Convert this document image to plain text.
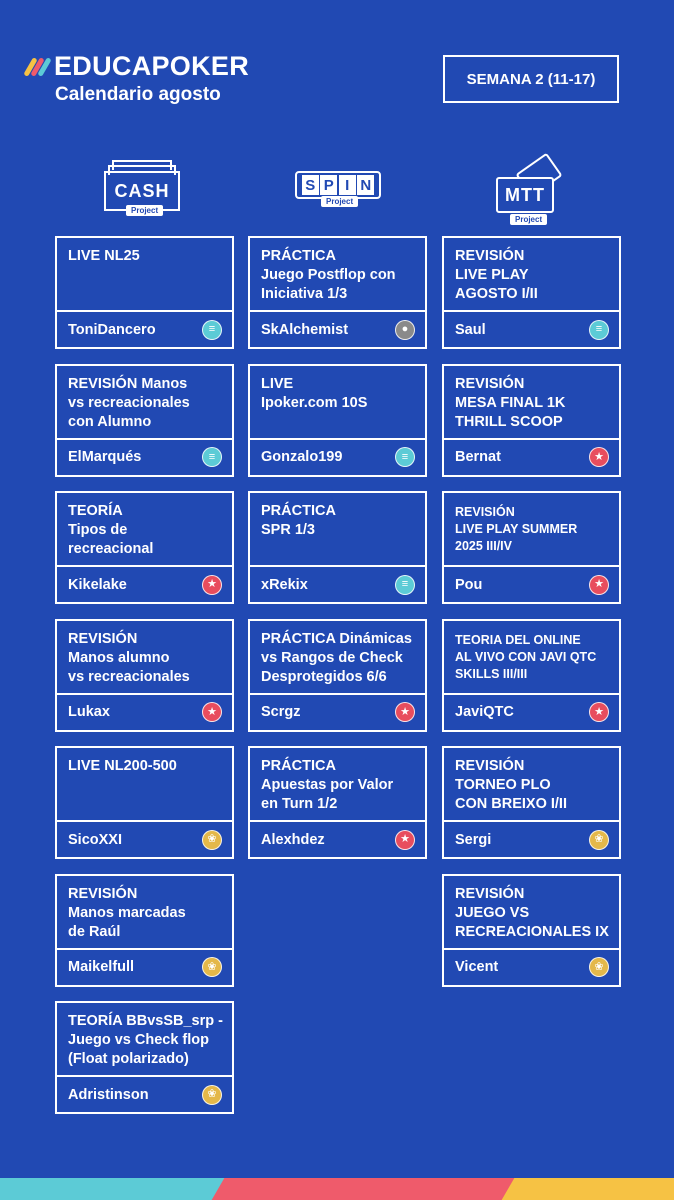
EDUCAPOKER
Calendario agosto
SEMANA 2 (11-17)
CASH
Project
S P I N
Project	MTT
Project
LIVE NL25
ToniDancero	≡
REVISIÓN Manos
vs recreacionales
con Alumno
ElMarqués	≡
TEORÍA
Tipos de
recreacional
Kikelake	★
REVISIÓN
Manos alumno
vs recreacionales
Lukax	★
LIVE NL200-500
SicoXXI	❀
REVISIÓN
Manos marcadas
de Raúl
Maikelfull	❀
TEORÍA BBvsSB_srp -
Juego vs Check flop
(Float polarizado)
Adristinson	❀
PRÁCTICA
Juego Postflop con
Iniciativa 1/3
SkAlchemist	●
LIVE
Ipoker.com 10S
Gonzalo199	≡
PRÁCTICA
SPR 1/3
xRekix	≡
PRÁCTICA Dinámicas
vs Rangos de Check
Desprotegidos 6/6
Scrgz	★
PRÁCTICA
Apuestas por Valor
en Turn 1/2
Alexhdez	★
REVISIÓN
LIVE PLAY
AGOSTO I/II
Saul	≡
REVISIÓN
MESA FINAL 1K
THRILL SCOOP
Bernat	★
REVISIÓN
LIVE PLAY SUMMER
2025 III/IV
Pou	★
TEORIA DEL ONLINE
AL VIVO CON JAVI QTC
SKILLS III/III
JaviQTC	★
REVISIÓN
TORNEO PLO
CON BREIXO I/II
Sergi	❀
REVISIÓN
JUEGO VS
RECREACIONALES IX
Vicent	❀
